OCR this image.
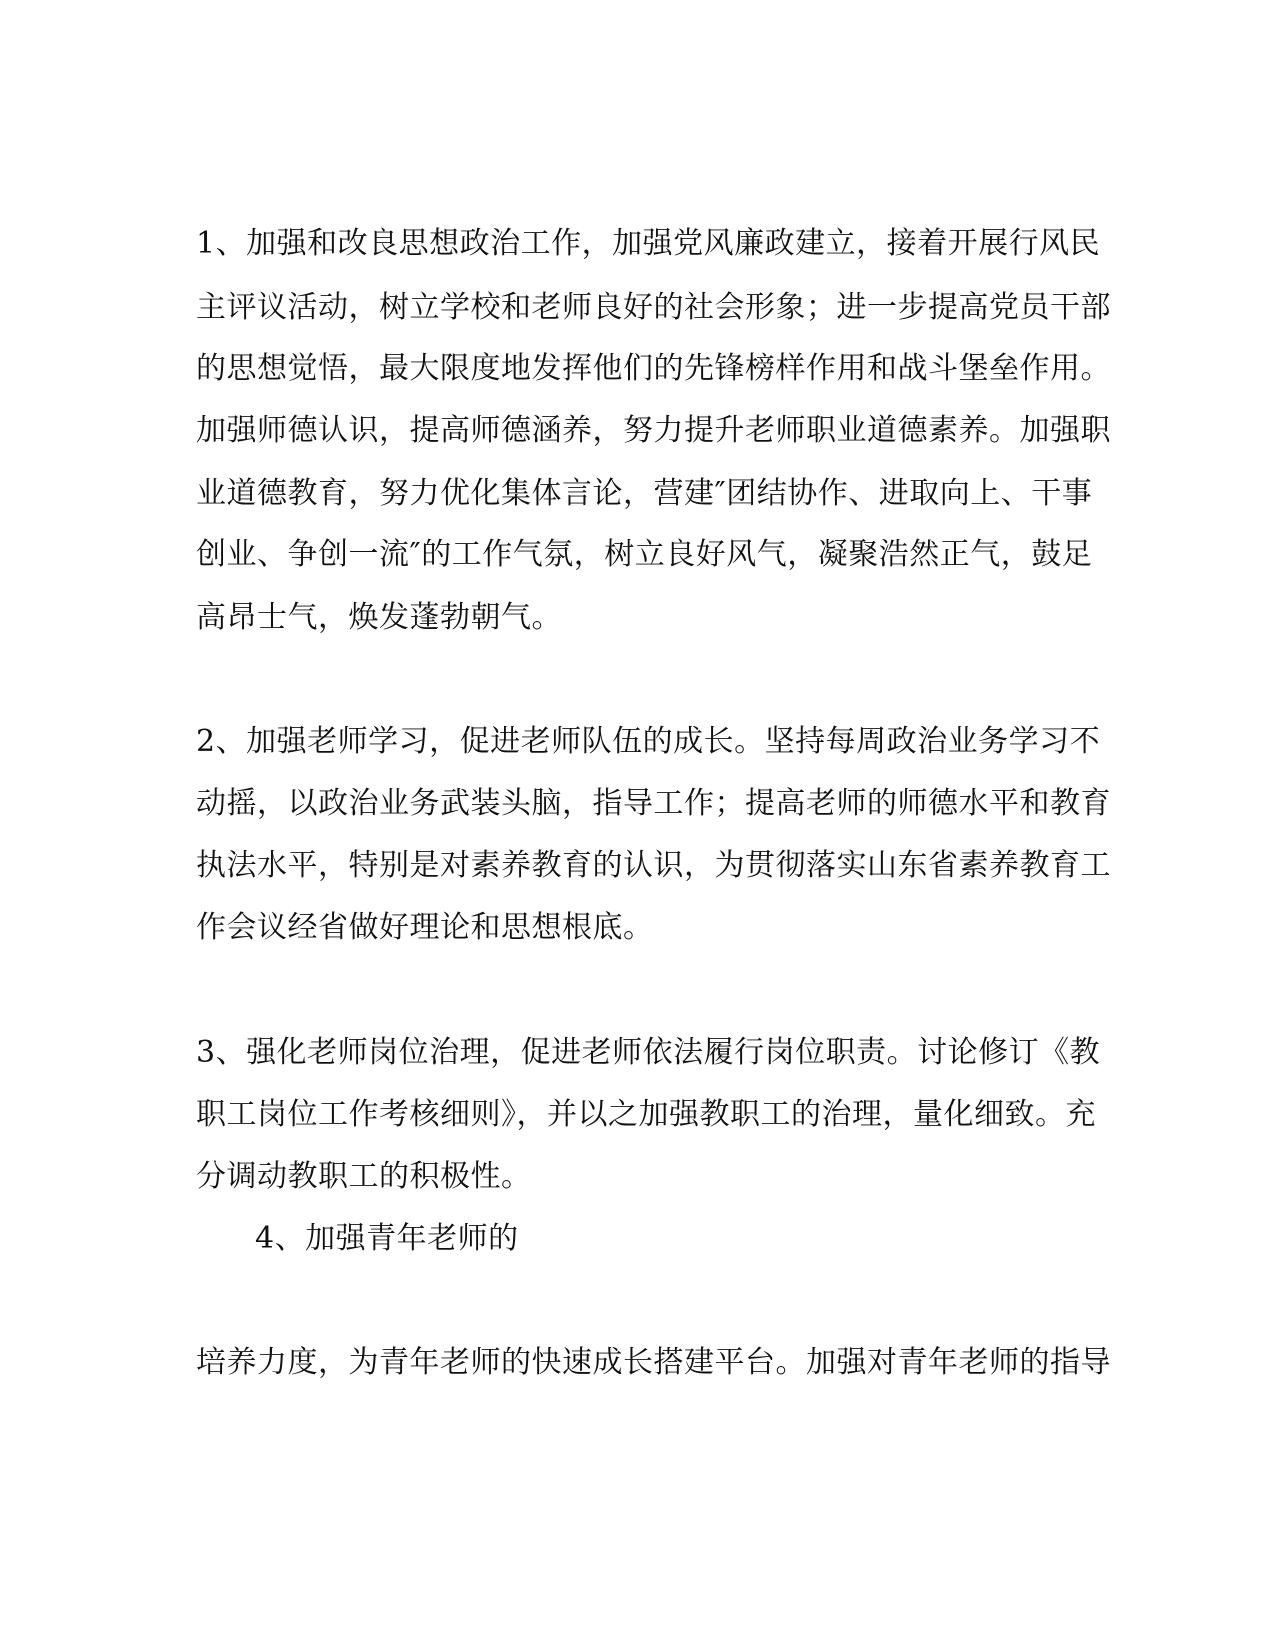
1、加强和改良思想政治工作，加强党风廉政建立，接着开展行风民
主评议活动，树立学校和老师良好的社会形象；进一步提高党员干部
的思想觉悟，最大限度地发挥他们的先锋榜样作用和战斗堡垒作用。
加强师德认识，提高师德涵养，努力提升老师职业道德素养。加强职
业道德教育，努力优化集体言论，营建″团结协作、进取向上、干事
创业、争创一流″的工作气氛，树立良好风气，凝聚浩然正气，鼓足
高昂士气，焕发蓬勃朝气。
2、加强老师学习，促进老师队伍的成长。坚持每周政治业务学习不
动摇，以政治业务武装头脑，指导工作；提高老师的师德水平和教育
执法水平，特别是对素养教育的认识，为贯彻落实山东省素养教育工
作会议经省做好理论和思想根底。
3、强化老师岗位治理，促进老师依法履行岗位职责。讨论修订《教
职工岗位工作考核细则》，并以之加强教职工的治理，量化细致。充
分调动教职工的积极性。
4、加强青年老师的
培养力度，为青年老师的快速成长搭建平台。加强对青年老师的指导
